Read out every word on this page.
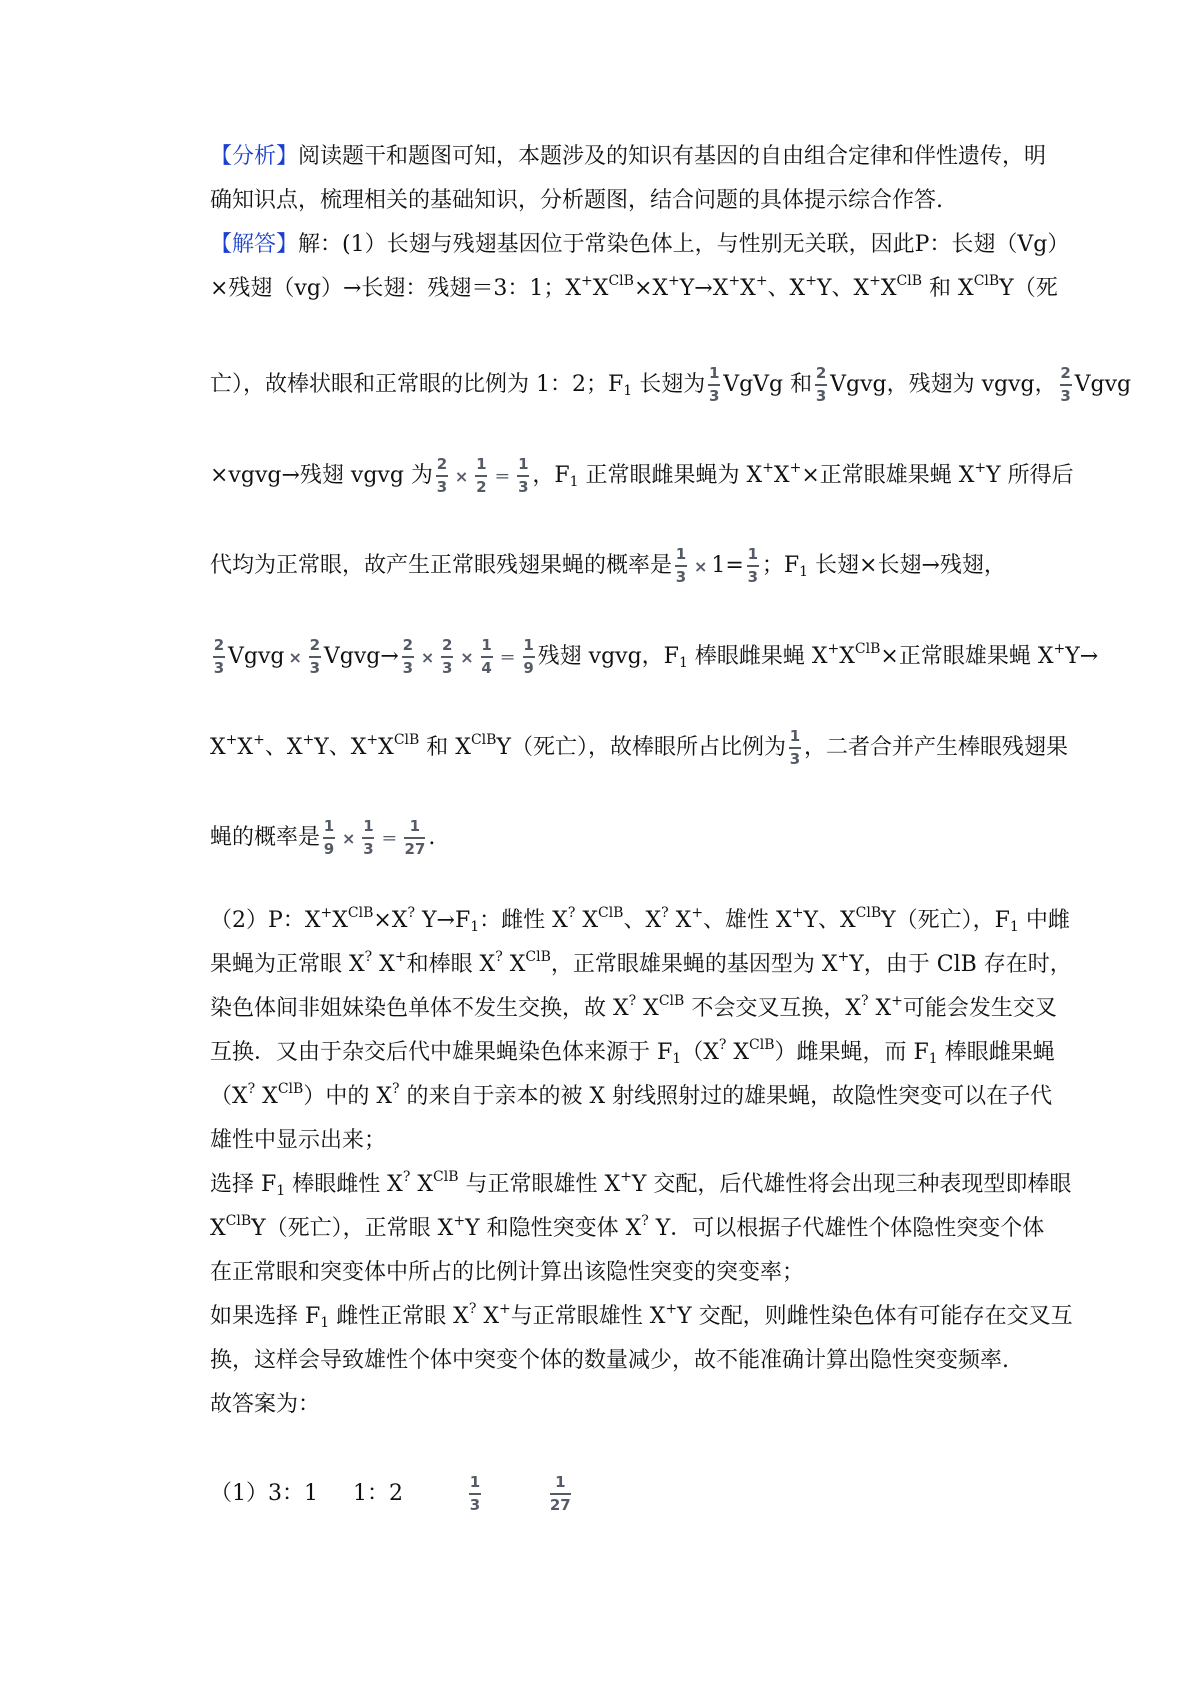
【分析】阅读题干和题图可知，本题涉及的知识有基因的自由组合定律和伴性遗传，明
确知识点，梳理相关的基础知识，分析题图，结合问题的具体提示综合作答.
【解答】解：(1）长翅与残翅基因位于常染色体上，与性别无关联，因此P：长翅（Vg）
×残翅（vg）→长翅：残翅＝3：1；$X^+X^{ClB}\times X^+Y\to X^+X^+$、X+Y、$X^+X^{ClB}$ 和 $X^{ClB}Y$（死
亡），故棒状眼和正常眼的比例为 1：2；$F_1$ 长翅为 $\frac{1}{3}$ VgVg 和 $\frac{2}{3}$ Vgvg，残翅为 vgvg， $\frac{2}{3}$ Vgvg
×vgvg→残翅 vgvg 为 $\frac{2}{3} \times \frac{1}{2} = \frac{1}{3}$ ，$F_1$ 正常眼雌果蝇为 X+X+×正常眼雄果蝇 X+Y 所得后
代均为正常眼，故产生正常眼残翅果蝇的概率是 $\frac{1}{3} \times 1= \frac{1}{3}$ ；$F_1$ 长翅×长翅→残翅，
$\frac{2}{3}$ Vgvg × $\frac{2}{3}$ Vgvg→ $\frac{2}{3} \times \frac{2}{3} \times \frac{1}{4} = \frac{1}{9}$ 残翅 vgvg，$F_1$ 棒眼雌果蝇 $X^+X^{ClB}\times$正常眼雄果蝇 X+Y→
X+X+、X+Y、$X^+X^{ClB}$ 和 $X^{ClB}Y$（死亡），故棒眼所占比例为 $\frac{1}{3}$ ，二者合并产生棒眼残翅果
蝇的概率是 $\frac{1}{9} \times \frac{1}{3} = \frac{1}{27}$ .
（2）P：$X^+X^{ClB}\times X^?$ $Y\to F_1$：雌性 X? $X^{ClB}$、X? X+、雄性 X+Y、$X^{ClB}Y$（死亡），$F_1$ 中雌
果蝇为正常眼 X? X+和棒眼 X? $X^{ClB}$，正常眼雄果蝇的基因型为 X+Y，由于 ClB 存在时，
染色体间非姐妹染色单体不发生交换，故 X? $X^{ClB}$ 不会交叉互换，X? X+可能会发生交叉
互换．又由于杂交后代中雄果蝇染色体来源于 $F_1(X^?$ $X^{ClB}$）雌果蝇，而 $F_1$ 棒眼雌果蝇
（X? $X^{ClB}$）中的 X? 的来自于亲本的被 X 射线照射过的雄果蝇，故隐性突变可以在子代
雄性中显示出来；
选择 $F_1$ 棒眼雌性 X? $X^{ClB}$ 与正常眼雄性 X+Y 交配，后代雄性将会出现三种表现型即棒眼
$X^{ClB}Y$（死亡），正常眼 X+Y 和隐性突变体 X? Y．可以根据子代雄性个体隐性突变个体
在正常眼和突变体中所占的比例计算出该隐性突变的突变率；
如果选择 $F_1$ 雌性正常眼 X? X+与正常眼雄性 X+Y 交配，则雌性染色体有可能存在交叉互
换，这样会导致雄性个体中突变个体的数量减少，故不能准确计算出隐性突变频率.
故答案为：
（1）3：1 1：2	$\frac{1}{3}$
	$\frac{1}{27}$
